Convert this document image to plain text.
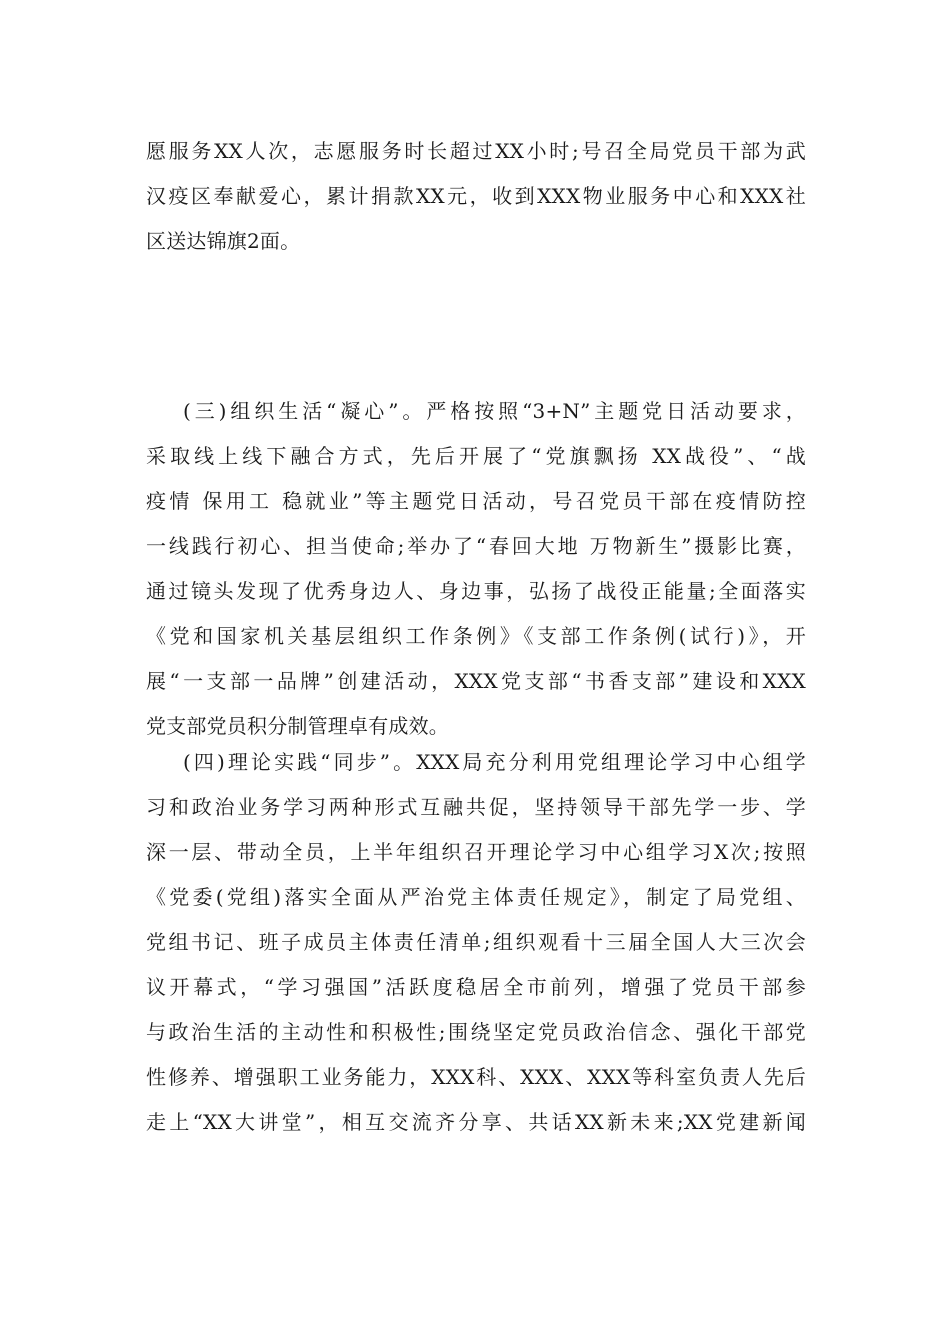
愿服务XX人次，志愿服务时长超过XX小时;号召全局党员干部为武
汉疫区奉献爱心，累计捐款XX元，收到XXX物业服务中心和XXX社
区送达锦旗2面。
(三)组织生活“凝心”。严格按照“3+N”主题党日活动要求，
采取线上线下融合方式，先后开展了“党旗飘扬 XX战役”、“战
疫情 保用工 稳就业”等主题党日活动，号召党员干部在疫情防控
一线践行初心、担当使命;举办了“春回大地 万物新生”摄影比赛，
通过镜头发现了优秀身边人、身边事，弘扬了战役正能量;全面落实
《党和国家机关基层组织工作条例》《支部工作条例(试行)》，开
展“一支部一品牌”创建活动，XXX党支部“书香支部”建设和XXX
党支部党员积分制管理卓有成效。
(四)理论实践“同步”。XXX局充分利用党组理论学习中心组学
习和政治业务学习两种形式互融共促，坚持领导干部先学一步、学
深一层、带动全员，上半年组织召开理论学习中心组学习X次;按照
《党委(党组)落实全面从严治党主体责任规定》，制定了局党组、
党组书记、班子成员主体责任清单;组织观看十三届全国人大三次会
议开幕式，“学习强国”活跃度稳居全市前列，增强了党员干部参
与政治生活的主动性和积极性;围绕坚定党员政治信念、强化干部党
性修养、增强职工业务能力，XXX科、XXX、XXX等科室负责人先后
走上“XX大讲堂”，相互交流齐分享、共话XX新未来;XX党建新闻
